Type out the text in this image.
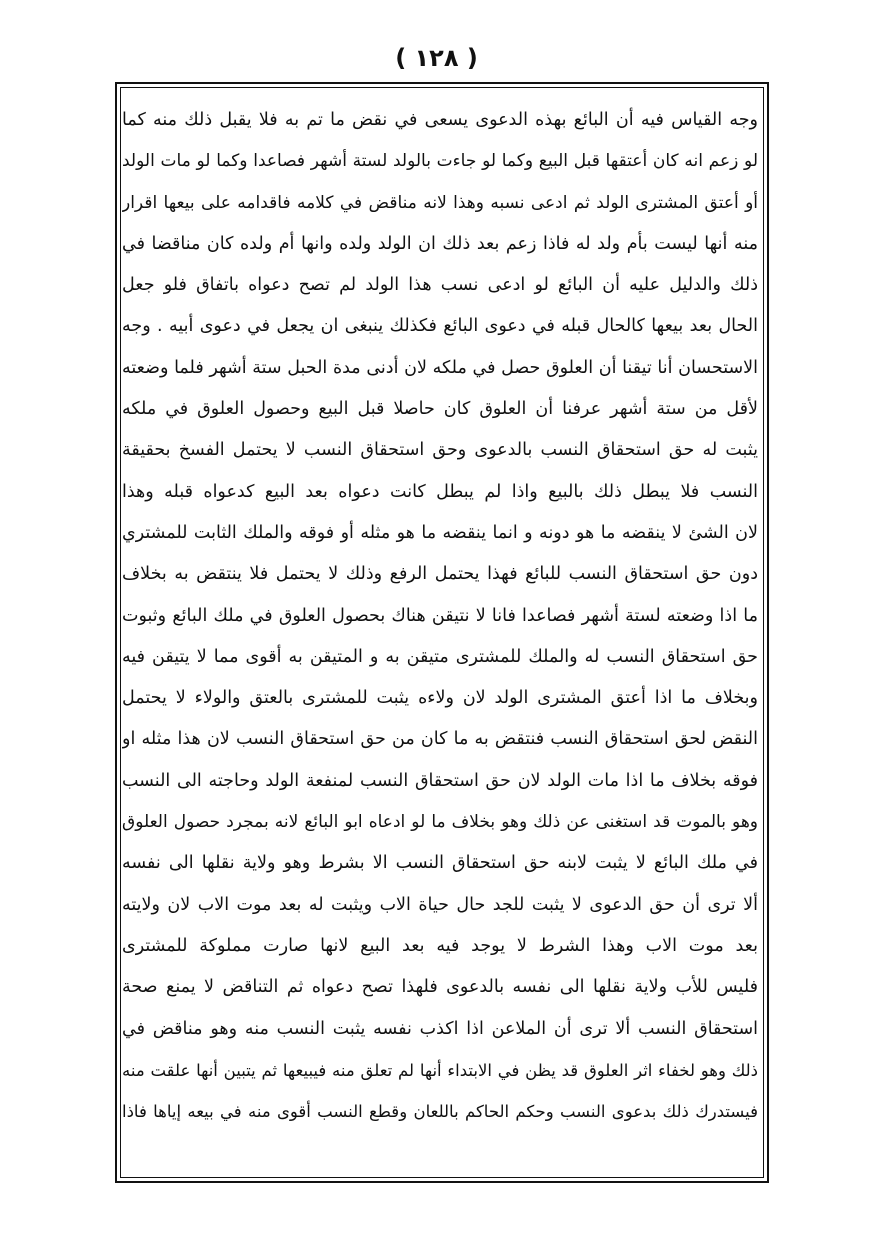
( ١٢٨ )
وجه القياس فيه أن البائع بهذه الدعوى يسعى في نقض ما تم به فلا يقبل ذلك منه كما
لو زعم انه كان أعتقها قبل البيع وكما لو جاءت بالولد لستة أشهر فصاعدا وكما لو مات الولد
أو أعتق المشترى الولد ثم ادعى نسبه وهذا لانه مناقض في كلامه فاقدامه على بيعها اقرار
منه أنها ليست بأم ولد له فاذا زعم بعد ذلك ان الولد ولده وانها أم ولده كان مناقضا في
ذلك والدليل عليه أن البائع لو ادعى نسب هذا الولد لم تصح دعواه باتفاق فلو جعل
الحال بعد بيعها كالحال قبله في دعوى البائع فكذلك ينبغى ان يجعل في دعوى أبيه . وجه
الاستحسان أنا تيقنا أن العلوق حصل في ملكه لان أدنى مدة الحبل ستة أشهر فلما وضعته
لأقل من ستة أشهر عرفنا أن العلوق كان حاصلا قبل البيع وحصول العلوق في ملكه
يثبت له حق استحقاق النسب بالدعوى وحق استحقاق النسب لا يحتمل الفسخ بحقيقة
النسب فلا يبطل ذلك بالبيع واذا لم يبطل كانت دعواه بعد البيع كدعواه قبله وهذا
لان الشئ لا ينقضه ما هو دونه و انما ينقضه ما هو مثله أو فوقه والملك الثابت للمشتري
دون حق استحقاق النسب للبائع فهذا يحتمل الرفع وذلك لا يحتمل فلا ينتقض به بخلاف
ما اذا وضعته لستة أشهر فصاعدا فانا لا نتيقن هناك بحصول العلوق في ملك البائع وثبوت
حق استحقاق النسب له والملك للمشترى متيقن به و المتيقن به أقوى مما لا يتيقن فيه
وبخلاف ما اذا أعتق المشترى الولد لان ولاءه يثبت للمشترى بالعتق والولاء لا يحتمل
النقض لحق استحقاق النسب فنتقض به ما كان من حق استحقاق النسب لان هذا مثله او
فوقه بخلاف ما اذا مات الولد لان حق استحقاق النسب لمنفعة الولد وحاجته الى النسب
وهو بالموت قد استغنى عن ذلك وهو بخلاف ما لو ادعاه ابو البائع لانه بمجرد حصول العلوق
في ملك البائع لا يثبت لابنه حق استحقاق النسب الا بشرط وهو ولاية نقلها الى نفسه
ألا ترى أن حق الدعوى لا يثبت للجد حال حياة الاب ويثبت له بعد موت الاب لان ولايته
بعد موت الاب وهذا الشرط لا يوجد فيه بعد البيع لانها صارت مملوكة للمشترى
فليس للأب ولاية نقلها الى نفسه بالدعوى فلهذا تصح دعواه ثم التناقض لا يمنع صحة
استحقاق النسب ألا ترى أن الملاعن اذا اكذب نفسه يثبت النسب منه وهو مناقض في
ذلك وهو لخفاء اثر العلوق قد يظن في الابتداء أنها لم تعلق منه فيبيعها ثم يتبين أنها علقت منه
فيستدرك ذلك بدعوى النسب وحكم الحاكم باللعان وقطع النسب أقوى منه في بيعه إياها فاذا
